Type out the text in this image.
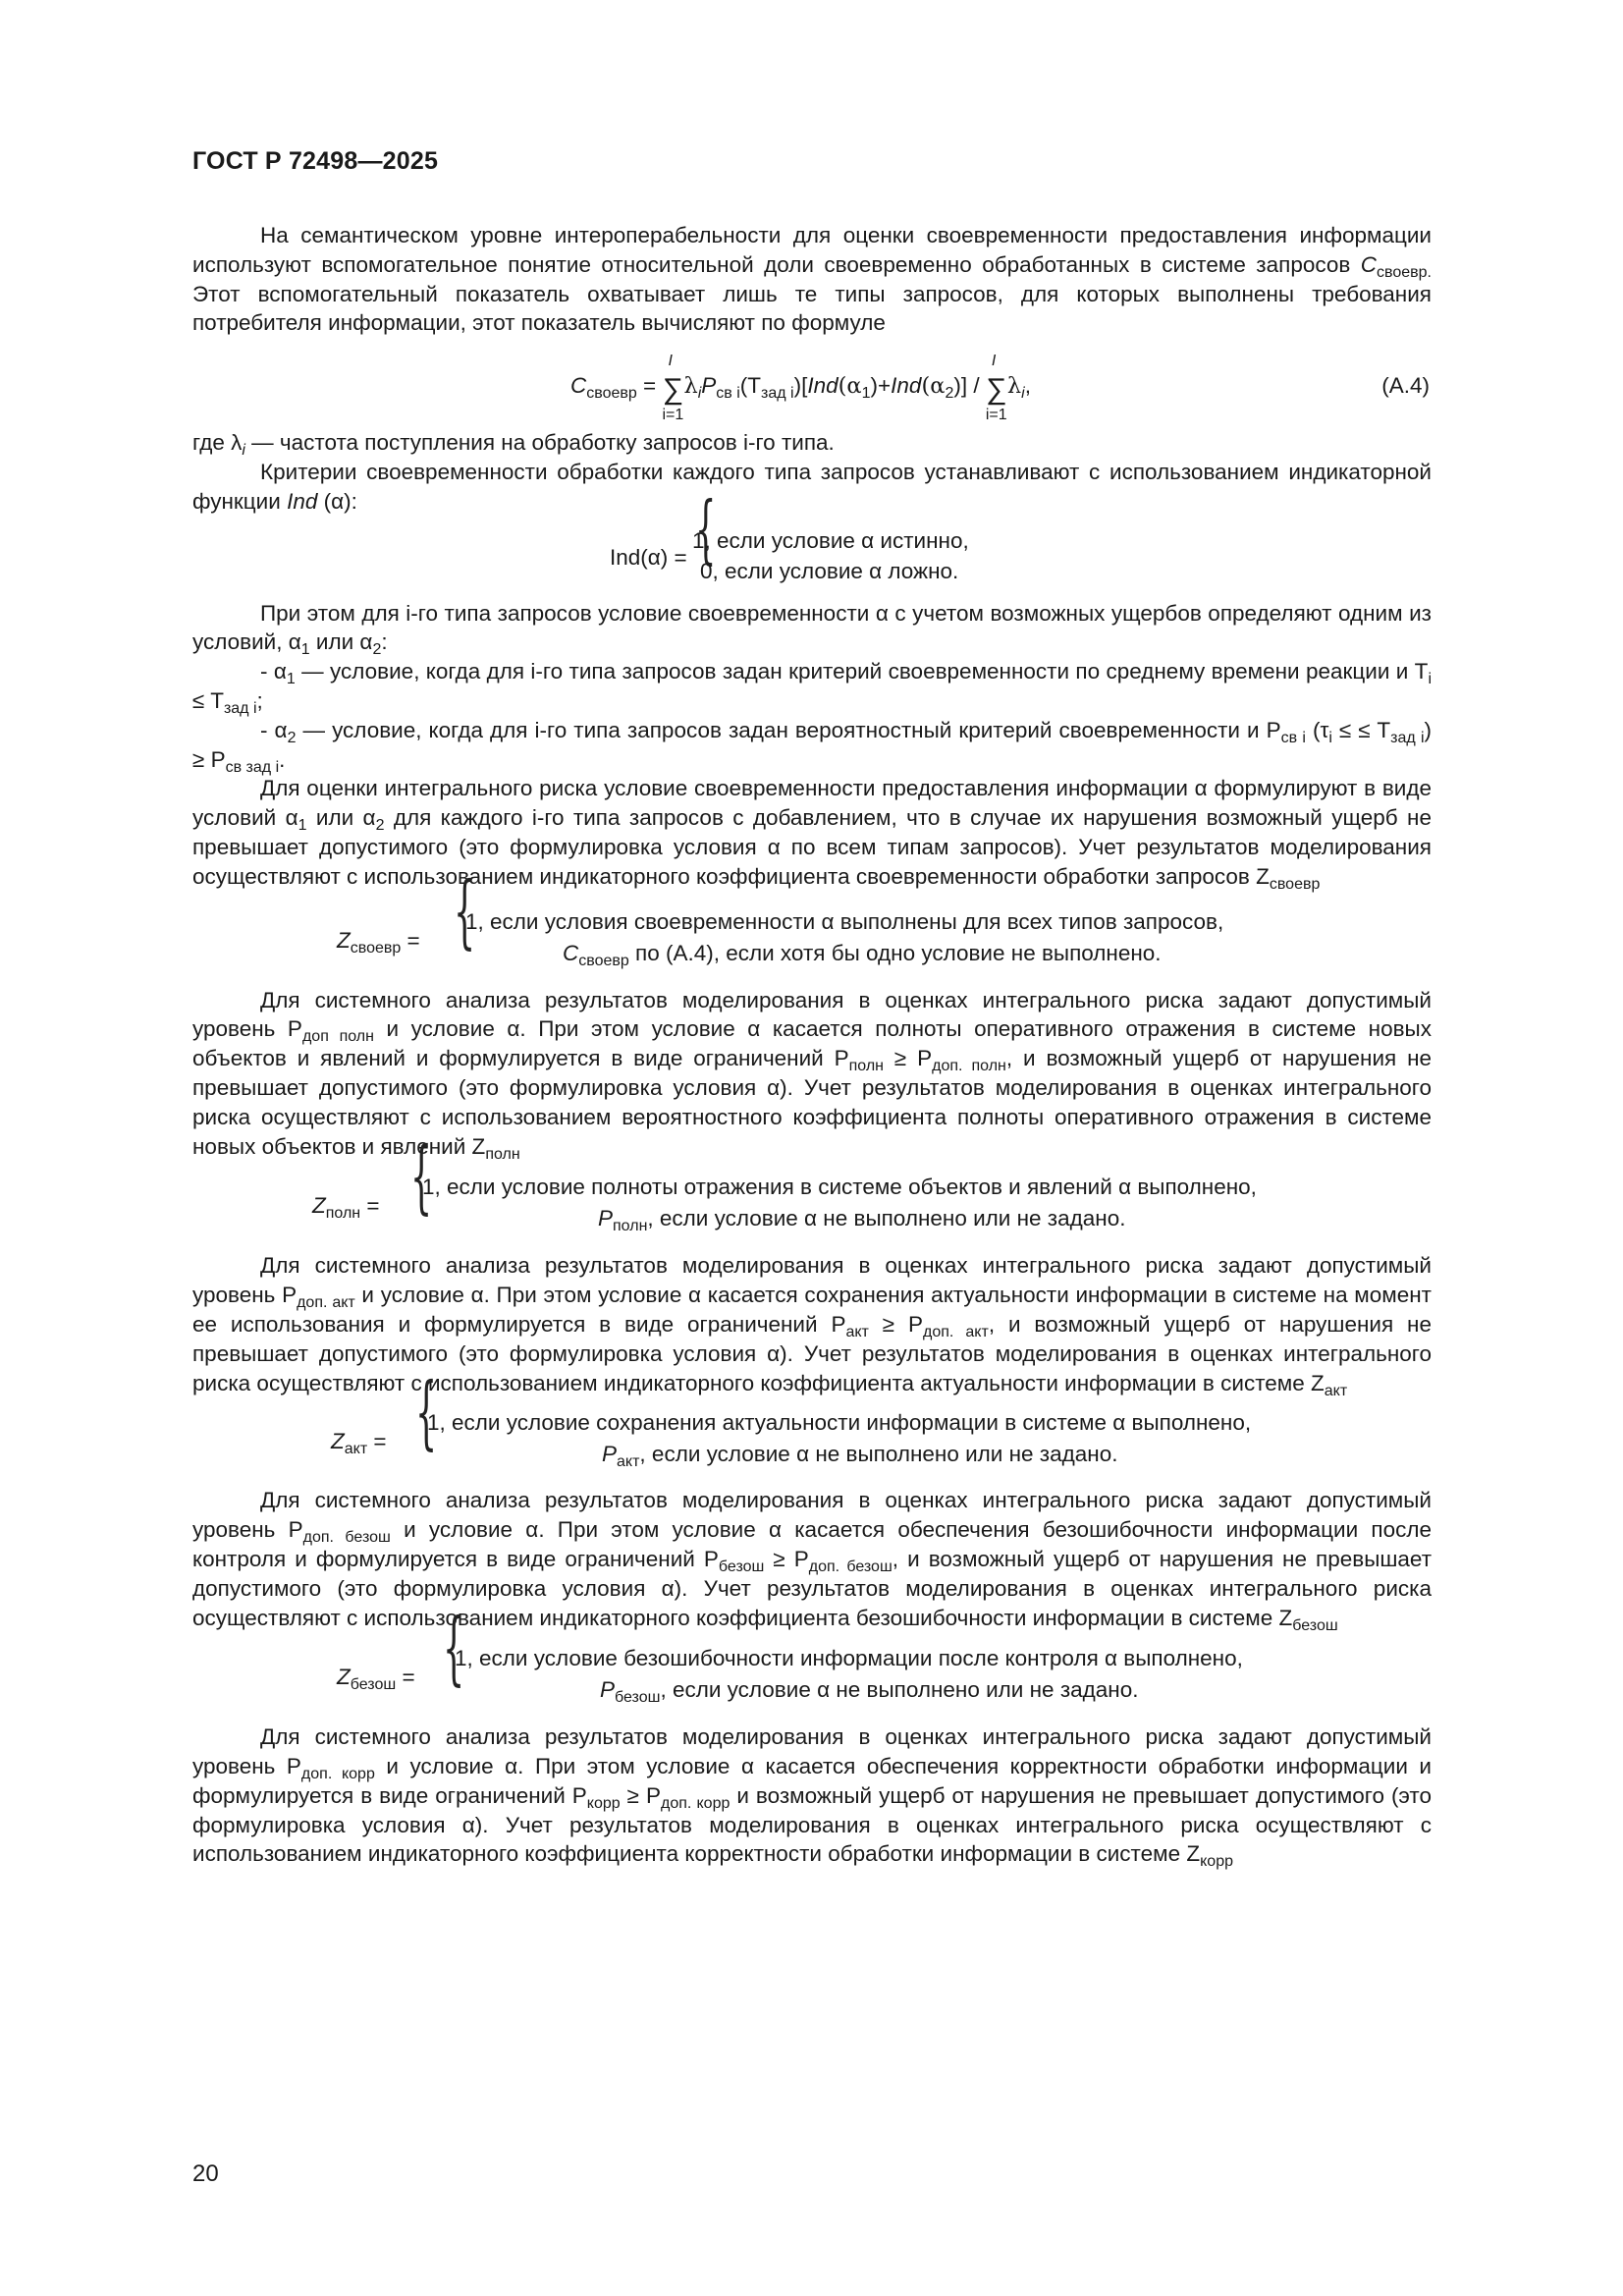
ГОСТ Р 72498—2025

На семантическом уровне интероперабельности для оценки своевременности предоставления информации используют вспомогательное понятие относительной доли своевременно обработанных в системе запросов $C_{своевр.}$ Этот вспомогательный показатель охватывает лишь те типы запросов, для которых выполнены требования потребителя информации, этот показатель вычисляют по формуле

$C_{своевр}$ = ∑
I
i=1
$\lambda_iP_{св i}(T_{зад i})[Ind(\alpha_1)+Ind(\alpha_2)]$ / ∑
I
i=1
$\lambda_i$,	(A.4)

где $\lambda_i$ — частота поступления на обработку запросов i-го типа.

Критерии своевременности обработки каждого типа запросов устанавливают с использованием индикаторной функции Ind (α):

Ind(α) = {
1, если условие α истинно,
0, если условие α ложно.

При этом для i-го типа запросов условие своевременности α с учетом возможных ущербов определяют одним из условий, $\alpha_1$ или $\alpha_2$:

- $\alpha_1$ — условие, когда для i-го типа запросов задан критерий своевременности по среднему времени реакции и $T_i \le T_{зад i}$;

- $\alpha_2$ — условие, когда для i-го типа запросов задан вероятностный критерий своевременности и $P_{св i}$ ($\tau_i$ ≤ ≤ $T_{зад i}) \ge P_{св зад i}$.

Для оценки интегрального риска условие своевременности предоставления информации α формулируют в виде условий $\alpha_1$ или $\alpha_2$ для каждого i-го типа запросов с добавлением, что в случае их нарушения возможный ущерб не превышает допустимого (это формулировка условия α по всем типам запросов). Учет результатов моделирования осуществляют с использованием индикаторного коэффициента своевременности обработки запросов $Z_{своевр}$

$Z_{своевр}$ = {
1, если условия своевременности α выполнены для всех типов запросов,
$C_{своевр}$ по (A.4), если хотя бы одно условие не выполнено.

Для системного анализа результатов моделирования в оценках интегрального риска задают допустимый уровень $P_{доп полн}$ и условие α. При этом условие α касается полноты оперативного отражения в системе новых объектов и явлений и формулируется в виде ограничений $P_{полн} \ge P_{доп. полн}$, и возможный ущерб от нарушения не превышает допустимого (это формулировка условия α). Учет результатов моделирования в оценках интегрального риска осуществляют с использованием вероятностного коэффициента полноты оперативного отражения в системе новых объектов и явлений $Z_{полн}$

$Z_{полн}$ = {
1, если условие полноты отражения в системе объектов и явлений α выполнено,
$P_{полн}$, если условие α не выполнено или не задано.

Для системного анализа результатов моделирования в оценках интегрального риска задают допустимый уровень $P_{доп. акт}$ и условие α. При этом условие α касается сохранения актуальности информации в системе на момент ее использования и формулируется в виде ограничений $P_{акт} \ge P_{доп. акт}$, и возможный ущерб от нарушения не превышает допустимого (это формулировка условия α). Учет результатов моделирования в оценках интегрального риска осуществляют с использованием индикаторного коэффициента актуальности информации в системе $Z_{акт}$

$Z_{акт}$ = {
1, если условие сохранения актуальности информации в системе α выполнено,
$P_{акт}$, если условие α не выполнено или не задано.

Для системного анализа результатов моделирования в оценках интегрального риска задают допустимый уровень $P_{доп. безош}$ и условие α. При этом условие α касается обеспечения безошибочности информации после контроля и формулируется в виде ограничений $P_{безош} \ge P_{доп. безош}$, и возможный ущерб от нарушения не превышает допустимого (это формулировка условия α). Учет результатов моделирования в оценках интегрального риска осуществляют с использованием индикаторного коэффициента безошибочности информации в системе $Z_{безош}$

$Z_{безош}$ = {
1, если условие безошибочности информации после контроля α выполнено,
$P_{безош}$, если условие α не выполнено или не задано.

Для системного анализа результатов моделирования в оценках интегрального риска задают допустимый уровень $P_{доп. корр}$ и условие α. При этом условие α касается обеспечения корректности обработки информации и формулируется в виде ограничений $P_{корр} \ge P_{доп. корр}$ и возможный ущерб от нарушения не превышает допустимого (это формулировка условия α). Учет результатов моделирования в оценках интегрального риска осуществляют с использованием индикаторного коэффициента корректности обработки информации в системе $Z_{корр}$

20
